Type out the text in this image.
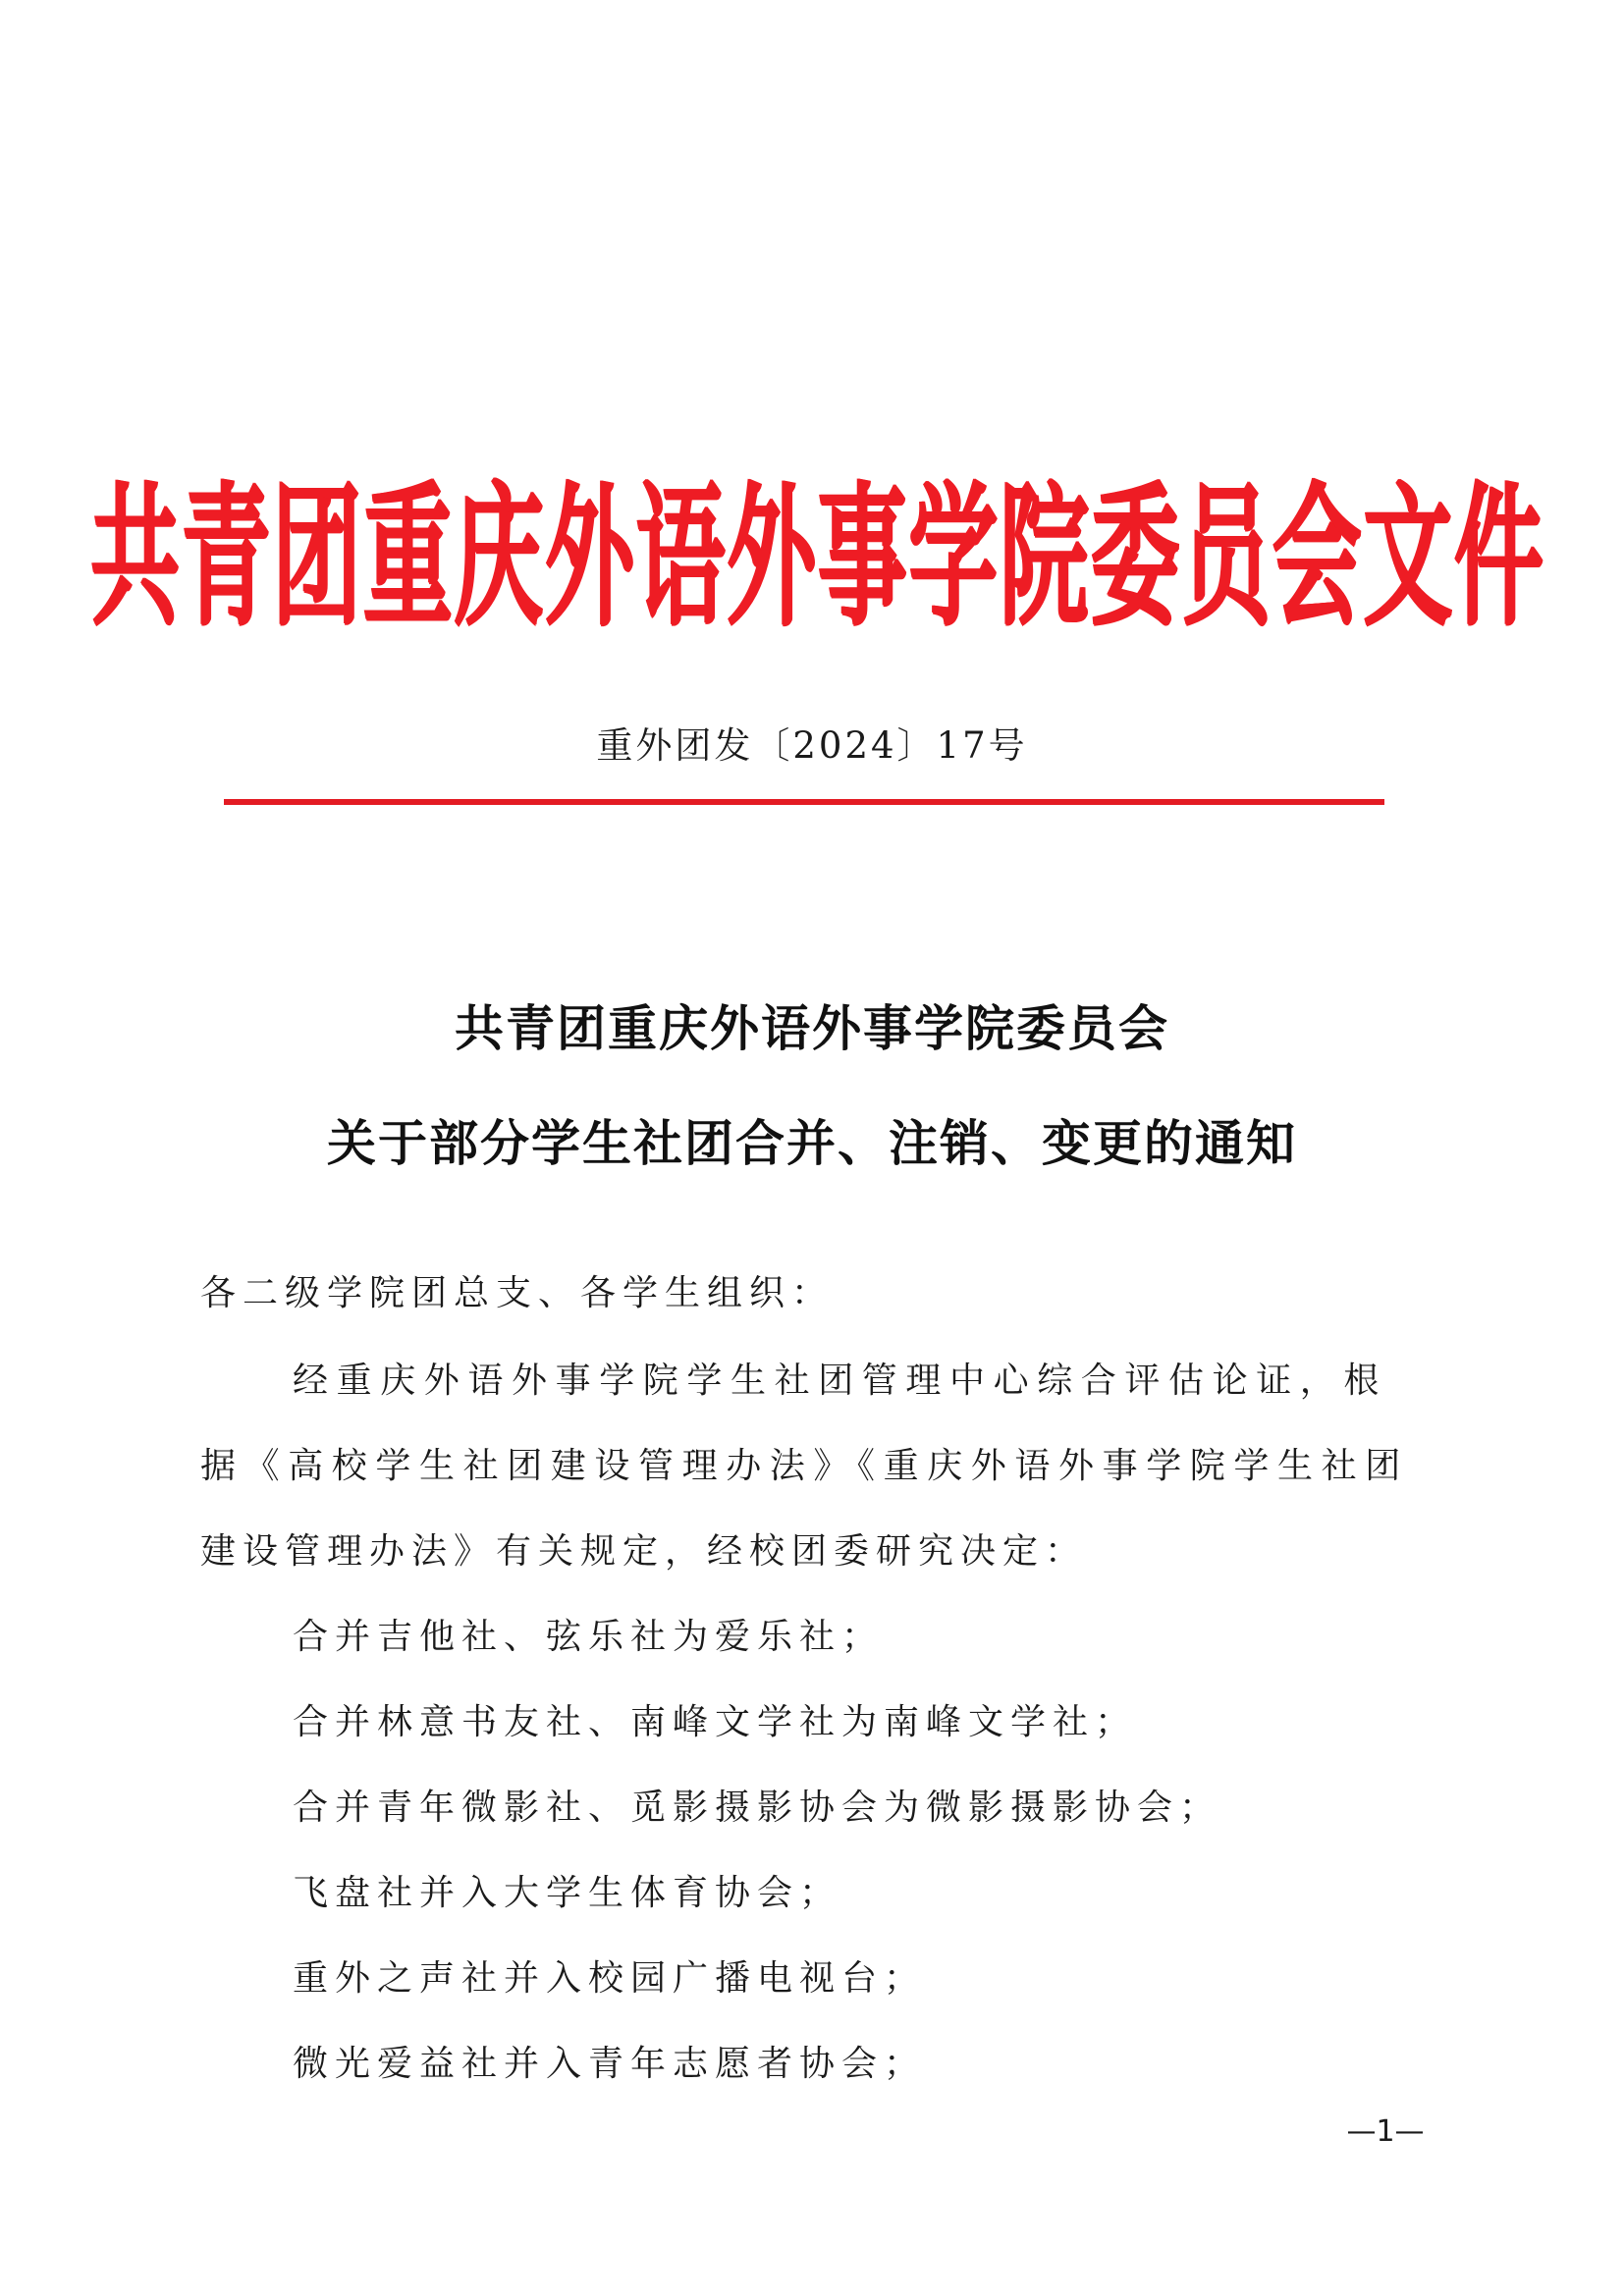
共青团重庆外语外事学院委员会文件
重外团发〔2024〕17号
共青团重庆外语外事学院委员会
关于部分学生社团合并、注销、变更的通知
各二级学院团总支、各学生组织：
经重庆外语外事学院学生社团管理中心综合评估论证，根
据《高校学生社团建设管理办法》《重庆外语外事学院学生社团
建设管理办法》有关规定，经校团委研究决定：
合并吉他社、弦乐社为爱乐社；
合并林意书友社、南峰文学社为南峰文学社；
合并青年微影社、觅影摄影协会为微影摄影协会；
飞盘社并入大学生体育协会；
重外之声社并入校园广播电视台；
微光爱益社并入青年志愿者协会；
—1—
